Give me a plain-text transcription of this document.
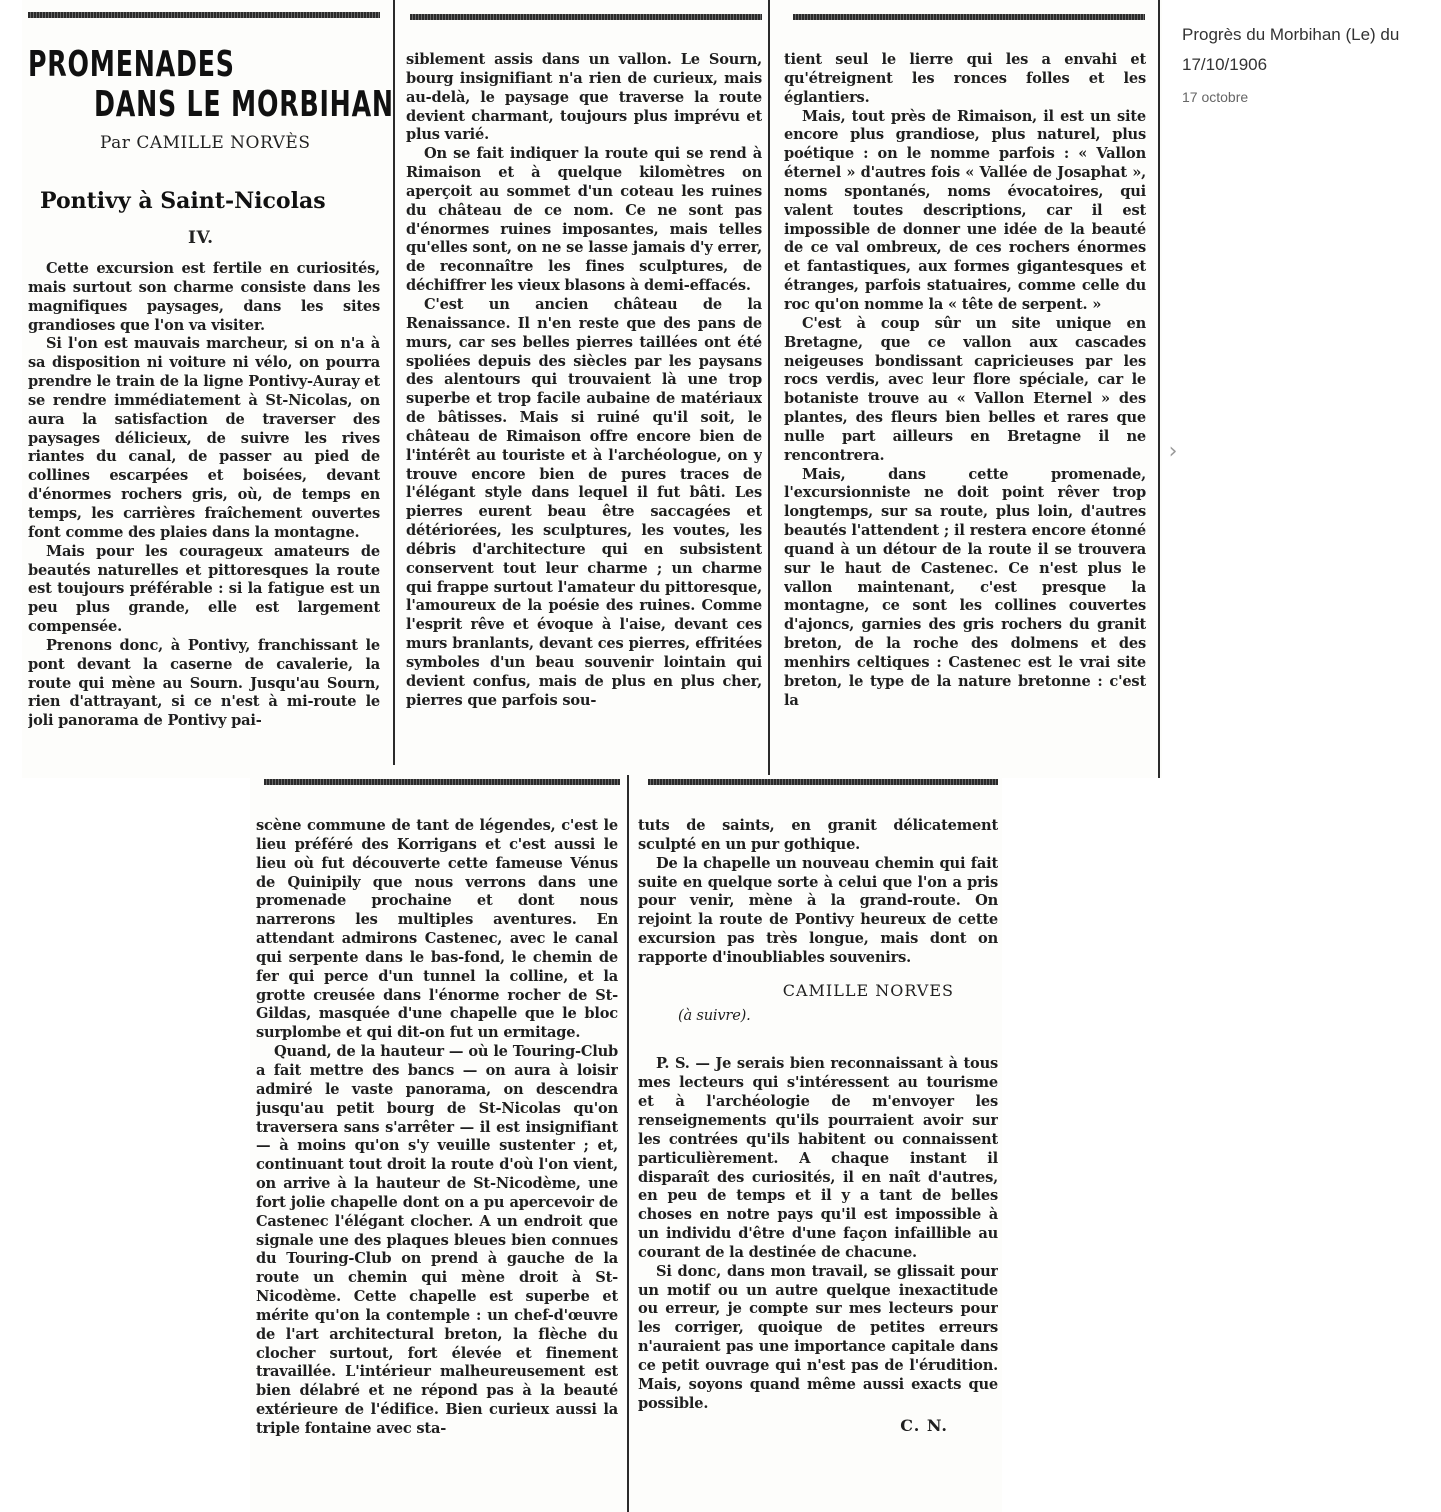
PROMENADES
DANS LE MORBIHAN
Par CAMILLE NORVÈS
Pontivy à Saint-Nicolas
IV.

Cette excursion est fertile en curiosités, mais surtout son charme consiste dans les magnifiques paysages, dans les sites grandioses que l'on va visiter.

Si l'on est mauvais marcheur, si on n'a à sa disposition ni voiture ni vélo, on pourra prendre le train de la ligne Pontivy-Auray et se rendre immédiatement à St-Nicolas, on aura la satisfaction de traverser des paysages délicieux, de suivre les rives riantes du canal, de passer au pied de collines escarpées et boisées, devant d'énormes rochers gris, où, de temps en temps, les carrières fraîchement ouvertes font comme des plaies dans la montagne.

Mais pour les courageux amateurs de beautés naturelles et pittoresques la route est toujours préférable : si la fatigue est un peu plus grande, elle est largement compensée.

Prenons donc, à Pontivy, franchissant le pont devant la caserne de cavalerie, la route qui mène au Sourn. Jusqu'au Sourn, rien d'attrayant, si ce n'est à mi-route le joli panorama de Pontivy pai-

siblement assis dans un vallon. Le Sourn, bourg insignifiant n'a rien de curieux, mais au-delà, le paysage que traverse la route devient charmant, toujours plus imprévu et plus varié.

On se fait indiquer la route qui se rend à Rimaison et à quelque kilomètres on aperçoit au sommet d'un coteau les ruines du château de ce nom. Ce ne sont pas d'énormes ruines imposantes, mais telles qu'elles sont, on ne se lasse jamais d'y errer, de reconnaître les fines sculptures, de déchiffrer les vieux blasons à demi-effacés.

C'est un ancien château de la Renaissance. Il n'en reste que des pans de murs, car ses belles pierres taillées ont été spoliées depuis des siècles par les paysans des alentours qui trouvaient là une trop superbe et trop facile aubaine de matériaux de bâtisses. Mais si ruiné qu'il soit, le château de Rimaison offre encore bien de l'intérêt au touriste et à l'archéologue, on y trouve encore bien de pures traces de l'élégant style dans lequel il fut bâti. Les pierres eurent beau être saccagées et détériorées, les sculptures, les voutes, les débris d'architecture qui en subsistent conservent tout leur charme ; un charme qui frappe surtout l'amateur du pittoresque, l'amoureux de la poésie des ruines. Comme l'esprit rêve et évoque à l'aise, devant ces murs branlants, devant ces pierres, effritées symboles d'un beau souvenir lointain qui devient confus, mais de plus en plus cher, pierres que parfois sou-

tient seul le lierre qui les a envahi et qu'étreignent les ronces folles et les églantiers.

Mais, tout près de Rimaison, il est un site encore plus grandiose, plus naturel, plus poétique : on le nomme parfois : « Vallon éternel » d'autres fois « Vallée de Josaphat », noms spontanés, noms évocatoires, qui valent toutes descriptions, car il est impossible de donner une idée de la beauté de ce val ombreux, de ces rochers énormes et fantastiques, aux formes gigantesques et étranges, parfois statuaires, comme celle du roc qu'on nomme la « tête de serpent. »

C'est à coup sûr un site unique en Bretagne, que ce vallon aux cascades neigeuses bondissant capricieuses par les rocs verdis, avec leur flore spéciale, car le botaniste trouve au « Vallon Eternel » des plantes, des fleurs bien belles et rares que nulle part ailleurs en Bretagne il ne rencontrera.

Mais, dans cette promenade, l'excursionniste ne doit point rêver trop longtemps, sur sa route, plus loin, d'autres beautés l'attendent ; il restera encore étonné quand à un détour de la route il se trouvera sur le haut de Castenec. Ce n'est plus le vallon maintenant, c'est presque la montagne, ce sont les collines couvertes d'ajoncs, garnies des gris rochers du granit breton, de la roche des dolmens et des menhirs celtiques : Castenec est le vrai site breton, le type de la nature bretonne : c'est la

scène commune de tant de légendes, c'est le lieu préféré des Korrigans et c'est aussi le lieu où fut découverte cette fameuse Vénus de Quinipily que nous verrons dans une promenade prochaine et dont nous narrerons les multiples aventures. En attendant admirons Castenec, avec le canal qui serpente dans le bas-fond, le chemin de fer qui perce d'un tunnel la colline, et la grotte creusée dans l'énorme rocher de St-Gildas, masquée d'une chapelle que le bloc surplombe et qui dit-on fut un ermitage.

Quand, de la hauteur — où le Touring-Club a fait mettre des bancs — on aura à loisir admiré le vaste panorama, on descendra jusqu'au petit bourg de St-Nicolas qu'on traversera sans s'arrêter — il est insignifiant — à moins qu'on s'y veuille sustenter ; et, continuant tout droit la route d'où l'on vient, on arrive à la hauteur de St-Nicodème, une fort jolie chapelle dont on a pu apercevoir de Castenec l'élégant clocher. A un endroit que signale une des plaques bleues bien connues du Touring-Club on prend à gauche de la route un chemin qui mène droit à St-Nicodème. Cette chapelle est superbe et mérite qu'on la contemple : un chef-d'œuvre de l'art architectural breton, la flèche du clocher surtout, fort élevée et finement travaillée. L'intérieur malheureusement est bien délabré et ne répond pas à la beauté extérieure de l'édifice. Bien curieux aussi la triple fontaine avec sta-

tuts de saints, en granit délicatement sculpté en un pur gothique.

De la chapelle un nouveau chemin qui fait suite en quelque sorte à celui que l'on a pris pour venir, mène à la grand-route. On rejoint la route de Pontivy heureux de cette excursion pas très longue, mais dont on rapporte d'inoubliables souvenirs.

CAMILLE NORVES
(à suivre).

P. S. — Je serais bien reconnaissant à tous mes lecteurs qui s'intéressent au tourisme et à l'archéologie de m'envoyer les renseignements qu'ils pourraient avoir sur les contrées qu'ils habitent ou connaissent particulièrement. A chaque instant il disparaît des curiosités, il en naît d'autres, en peu de temps et il y a tant de belles choses en notre pays qu'il est impossible à un individu d'être d'une façon infaillible au courant de la destinée de chacune.

Si donc, dans mon travail, se glissait pour un motif ou un autre quelque inexactitude ou erreur, je compte sur mes lecteurs pour les corriger, quoique de petites erreurs n'auraient pas une importance capitale dans ce petit ouvrage qui n'est pas de l'érudition. Mais, soyons quand même aussi exacts que possible.

C. N.
Progrès du Morbihan (Le) du 17/10/1906
17 octobre
›
